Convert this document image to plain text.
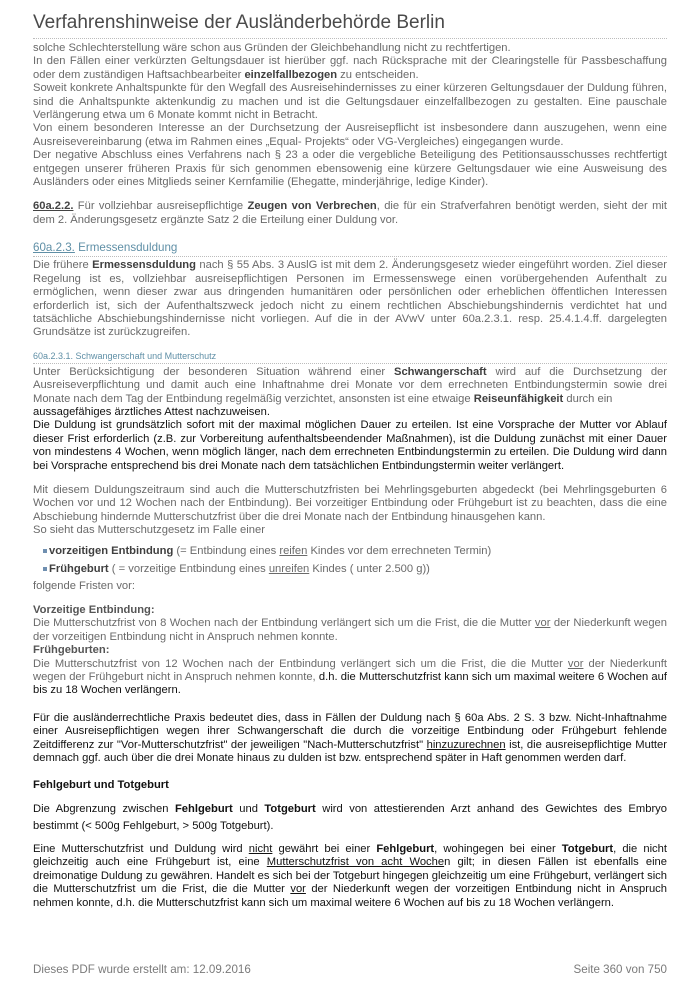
Verfahrenshinweise der Ausländerbehörde Berlin

solche Schlechterstellung wäre schon aus Gründen der Gleichbehandlung nicht zu rechtfertigen.

In den Fällen einer verkürzten Geltungsdauer ist hierüber ggf. nach Rücksprache mit der Clearingstelle für Passbeschaffung oder dem zuständigen Haftsachbearbeiter einzelfallbezogen zu entscheiden.

Soweit konkrete Anhaltspunkte für den Wegfall des Ausreisehindernisses zu einer kürzeren Geltungsdauer der Duldung führen, sind die Anhaltspunkte aktenkundig zu machen und ist die Geltungsdauer einzelfallbezogen zu gestalten. Eine pauschale Verlängerung etwa um 6 Monate kommt nicht in Betracht.

Von einem besonderen Interesse an der Durchsetzung der Ausreisepflicht ist insbesondere dann auszugehen, wenn eine Ausreisevereinbarung (etwa im Rahmen eines „Equal- Projekts“ oder VG-Vergleiches) eingegangen wurde.

Der negative Abschluss eines Verfahrens nach § 23 a oder die vergebliche Beteiligung des Petitionsausschusses rechtfertigt entgegen unserer früheren Praxis für sich genommen ebensowenig eine kürzere Geltungsdauer wie eine Ausweisung des Ausländers oder eines Mitglieds seiner Kernfamilie (Ehegatte, minderjährige, ledige Kinder).

60a.2.2. Für vollziehbar ausreisepflichtige Zeugen von Verbrechen, die für ein Strafverfahren benötigt werden, sieht der mit dem 2. Änderungsgesetz ergänzte Satz 2 die Erteilung einer Duldung vor.

60a.2.3. Ermessensduldung

Die frühere Ermessensduldung nach § 55 Abs. 3 AuslG ist mit dem 2. Änderungsgesetz wieder eingeführt worden. Ziel dieser Regelung ist es, vollziehbar ausreisepflichtigen Personen im Ermessenswege einen vorübergehenden Aufenthalt zu ermöglichen, wenn dieser zwar aus dringenden humanitären oder persönlichen oder erheblichen öffentlichen Interessen erforderlich ist, sich der Aufenthaltszweck jedoch nicht zu einem rechtlichen Abschiebungshindernis verdichtet hat und tatsächliche Abschiebungshindernisse nicht vorliegen. Auf die in der AVwV unter 60a.2.3.1. resp. 25.4.1.4.ff. dargelegten Grundsätze ist zurückzugreifen.

60a.2.3.1. Schwangerschaft und Mutterschutz

Unter Berücksichtigung der besonderen Situation während einer Schwangerschaft wird auf die Durchsetzung der Ausreiseverpflichtung und damit auch eine Inhaftnahme drei Monate vor dem errechneten Entbindungstermin sowie drei Monate nach dem Tag der Entbindung regelmäßig verzichtet, ansonsten ist eine etwaige Reiseunfähigkeit durch ein
aussagefähiges ärztliches Attest nachzuweisen.

Die Duldung ist grundsätzlich sofort mit der maximal möglichen Dauer zu erteilen. Ist eine Vorsprache der Mutter vor Ablauf dieser Frist erforderlich (z.B. zur Vorbereitung aufenthaltsbeendender Maßnahmen), ist die Duldung zunächst mit einer Dauer von mindestens 4 Wochen, wenn möglich länger, nach dem errechneten Entbindungstermin zu erteilen. Die Duldung wird dann bei Vorsprache entsprechend bis drei Monate nach dem tatsächlichen Entbindungstermin weiter verlängert.

Mit diesem Duldungszeitraum sind auch die Mutterschutzfristen bei Mehrlingsgeburten abgedeckt (bei Mehrlingsgeburten 6 Wochen vor und 12 Wochen nach der Entbindung). Bei vorzeitiger Entbindung oder Frühgeburt ist zu beachten, dass die eine Abschiebung hindernde Mutterschutzfrist über die drei Monate nach der Entbindung hinausgehen kann.

So sieht das Mutterschutzgesetz im Falle einer

vorzeitigen Entbindung (= Entbindung eines reifen Kindes vor dem errechneten Termin)
Frühgeburt ( = vorzeitige Entbindung eines unreifen Kindes ( unter 2.500 g))

folgende Fristen vor:

Vorzeitige Entbindung:

Die Mutterschutzfrist von 8 Wochen nach der Entbindung verlängert sich um die Frist, die die Mutter vor der Niederkunft wegen der vorzeitigen Entbindung nicht in Anspruch nehmen konnte.

Frühgeburten:

Die Mutterschutzfrist von 12 Wochen nach der Entbindung verlängert sich um die Frist, die die Mutter vor der Niederkunft wegen der Frühgeburt nicht in Anspruch nehmen konnte, d.h. die Mutterschutzfrist kann sich um maximal weitere 6 Wochen auf bis zu 18 Wochen verlängern.

Für die ausländerrechtliche Praxis bedeutet dies, dass in Fällen der Duldung nach § 60a Abs. 2 S. 3 bzw. Nicht-Inhaftnahme einer Ausreisepflichtigen wegen ihrer Schwangerschaft die durch die vorzeitige Entbindung oder Frühgeburt fehlende Zeitdifferenz zur "Vor-Mutterschutzfrist" der jeweiligen "Nach-Mutterschutzfrist" hinzuzurechnen ist, die ausreisepflichtige Mutter demnach ggf. auch über die drei Monate hinaus zu dulden ist bzw. entsprechend später in Haft genommen werden darf.

Fehlgeburt und Totgeburt

Die Abgrenzung zwischen Fehlgeburt und Totgeburt wird von attestierenden Arzt anhand des Gewichtes des Embryo bestimmt (< 500g Fehlgeburt, > 500g Totgeburt).

Eine Mutterschutzfrist und Duldung wird nicht gewährt bei einer Fehlgeburt, wohingegen bei einer Totgeburt, die nicht gleichzeitig auch eine Frühgeburt ist, eine Mutterschutzfrist von acht Wochen gilt; in diesen Fällen ist ebenfalls eine dreimonatige Duldung zu gewähren. Handelt es sich bei der Totgeburt hingegen gleichzeitig um eine Frühgeburt, verlängert sich die Mutterschutzfrist um die Frist, die die Mutter vor der Niederkunft wegen der vorzeitigen Entbindung nicht in Anspruch nehmen konnte, d.h. die Mutterschutzfrist kann sich um maximal weitere 6 Wochen auf bis zu 18 Wochen verlängern.

Dieses PDF wurde erstellt am: 12.09.2016	Seite 360 von 750
